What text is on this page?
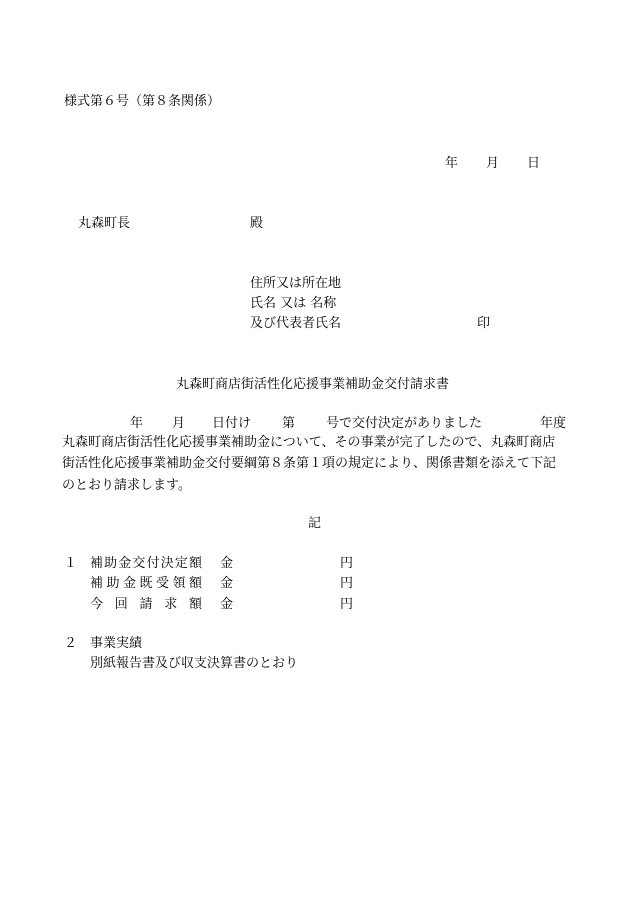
様式第６号（第８条関係）
年 月 日
丸森町長	殿
住所又は所在地
氏名 又は 名称
及び代表者氏名	印
丸森町商店街活性化応援事業補助金交付請求書
年 月 日付け 第 号で交付決定がありました	年度
丸森町商店街活性化応援事業補助金について、その事業が完了したので、丸森町商店
街活性化応援事業補助金交付要綱第８条第１項の規定により、関係書類を添えて下記
のとおり請求します。
記
１ 補助金交付決定額 金	円
補助金既受領額 金	円
今回請求額 金	円
２ 事業実績
別紙報告書及び収支決算書のとおり
